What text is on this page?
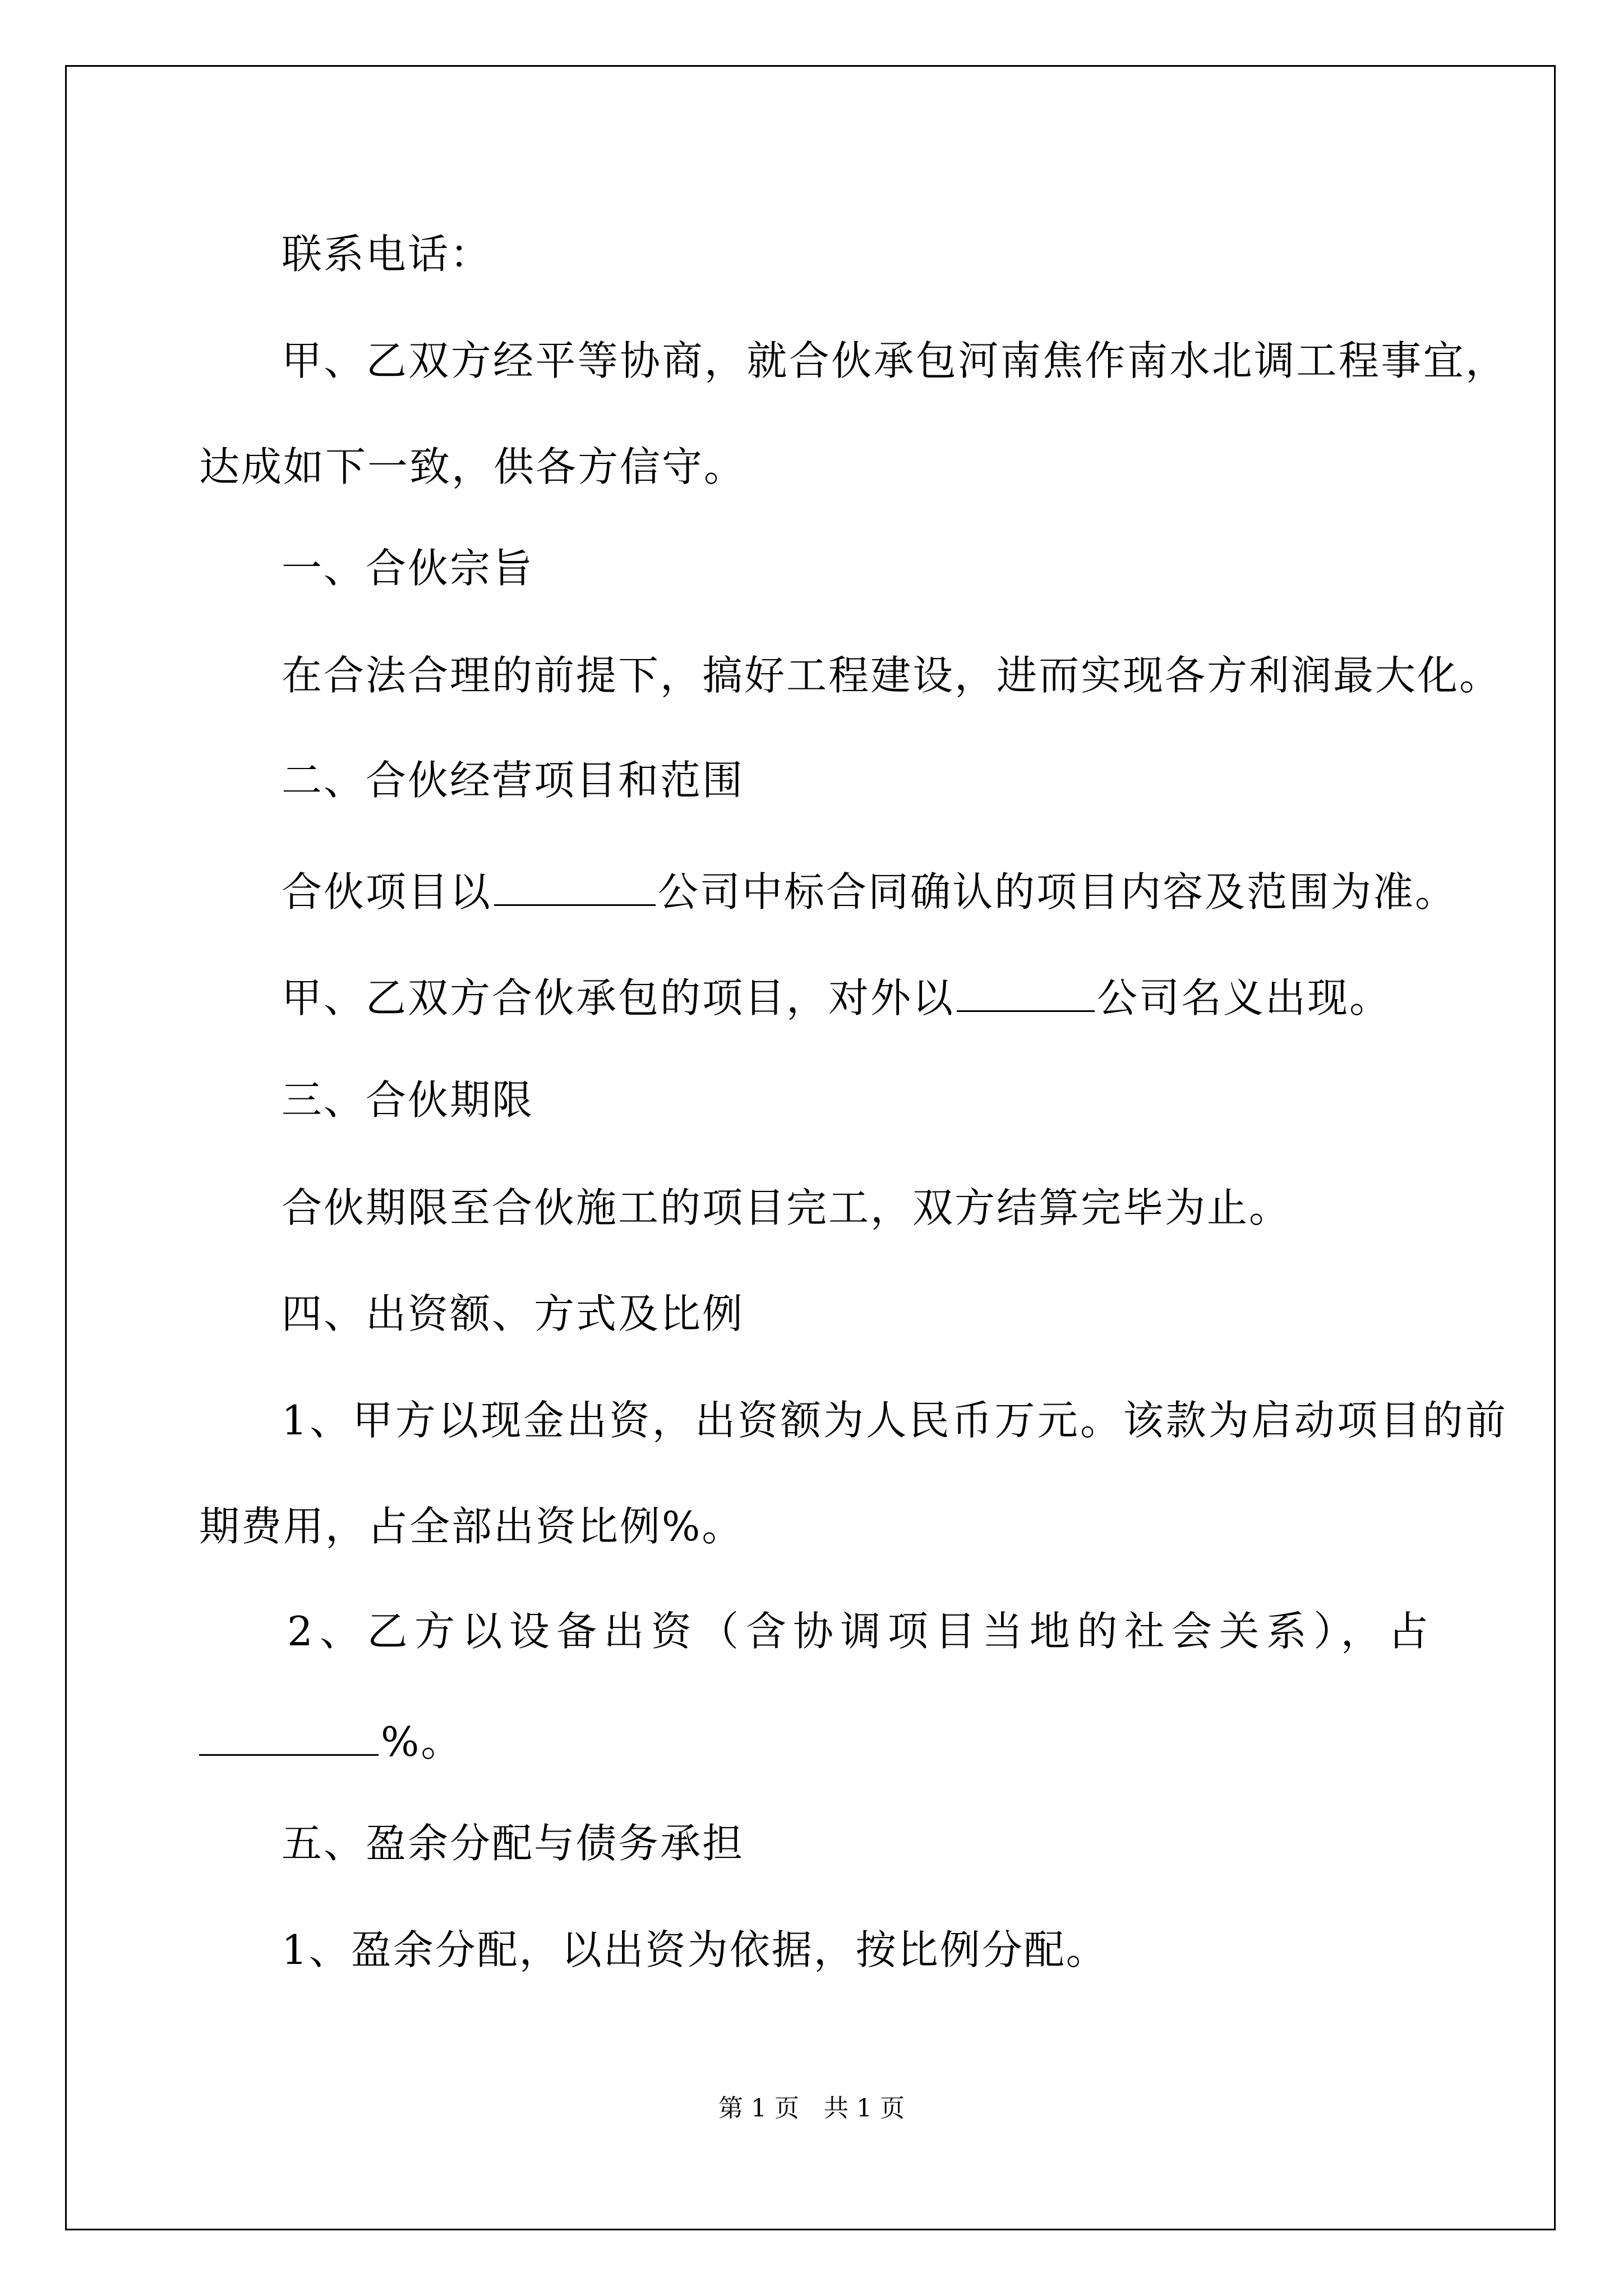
联系电话：

甲、乙双方经平等协商，就合伙承包河南焦作南水北调工程事宜，

达成如下一致，供各方信守。

一、合伙宗旨

在合法合理的前提下，搞好工程建设，进而实现各方利润最大化。

二、合伙经营项目和范围

合伙项目以	公司中标合同确认的项目内容及范围为准。

甲、乙双方合伙承包的项目，对外以	公司名义出现。

三、合伙期限

合伙期限至合伙施工的项目完工，双方结算完毕为止。

四、出资额、方式及比例

1、甲方以现金出资，出资额为人民币万元。该款为启动项目的前

期费用，占全部出资比例%。

2、乙方以设备出资（含协调项目当地的社会关系），占

%。

五、盈余分配与债务承担

1、盈余分配，以出资为依据，按比例分配。

第 1 页　共 1 页
